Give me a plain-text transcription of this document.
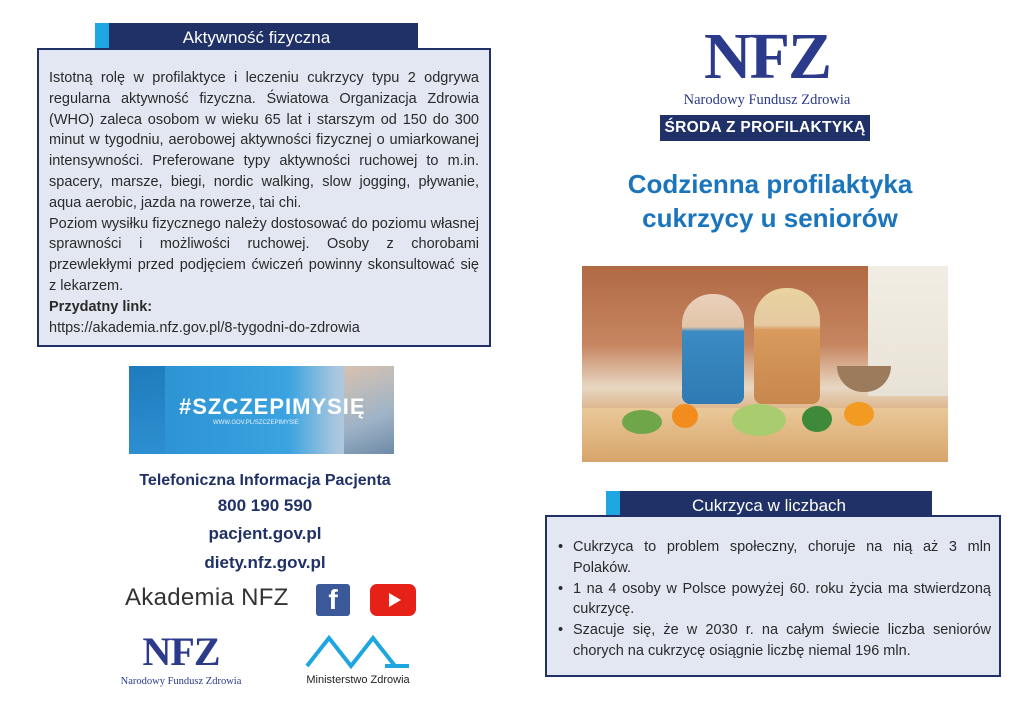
Aktywność fizyczna

Istotną rolę w profilaktyce i leczeniu cukrzycy typu 2 odgrywa regularna aktywność fizyczna. Światowa Organizacja Zdrowia (WHO) zaleca osobom w wieku 65 lat i starszym od 150 do 300 minut w tygodniu, aerobowej aktywności fizycznej o umiarkowanej intensywności. Preferowane typy aktywności ruchowej to m.in. spacery, marsze, biegi, nordic walking, slow jogging, pływanie, aqua aerobic, jazda na rowerze, tai chi.

Poziom wysiłku fizycznego należy dostosować do poziomu własnej sprawności i możliwości ruchowej. Osoby z chorobami przewlekłymi przed podjęciem ćwiczeń powinny skonsultować się z lekarzem.

Przydatny link:
https://akademia.nfz.gov.pl/8-tygodni-do-zdrowia
#SZCZEPIMYSIĘ
WWW.GOV.PL/SZCZEPIMYSIE
Telefoniczna Informacja Pacjenta
800 190 590
pacjent.gov.pl
diety.nfz.gov.pl
Akademia NFZ	f
NFZ
Narodowy Fundusz Zdrowia	Ministerstwo Zdrowia
NFZ
Narodowy Fundusz Zdrowia
ŚRODA Z PROFILAKTYKĄ
Codzienna profilaktyka
cukrzycy u seniorów
Cukrzyca w liczbach
• Cukrzyca to problem społeczny, choruje na nią aż 3 mln Polaków.
• 1 na 4 osoby w Polsce powyżej 60. roku życia ma stwierdzoną cukrzycę.
• Szacuje się, że w 2030 r. na całym świecie liczba seniorów chorych na cukrzycę osiągnie liczbę niemal 196 mln.
